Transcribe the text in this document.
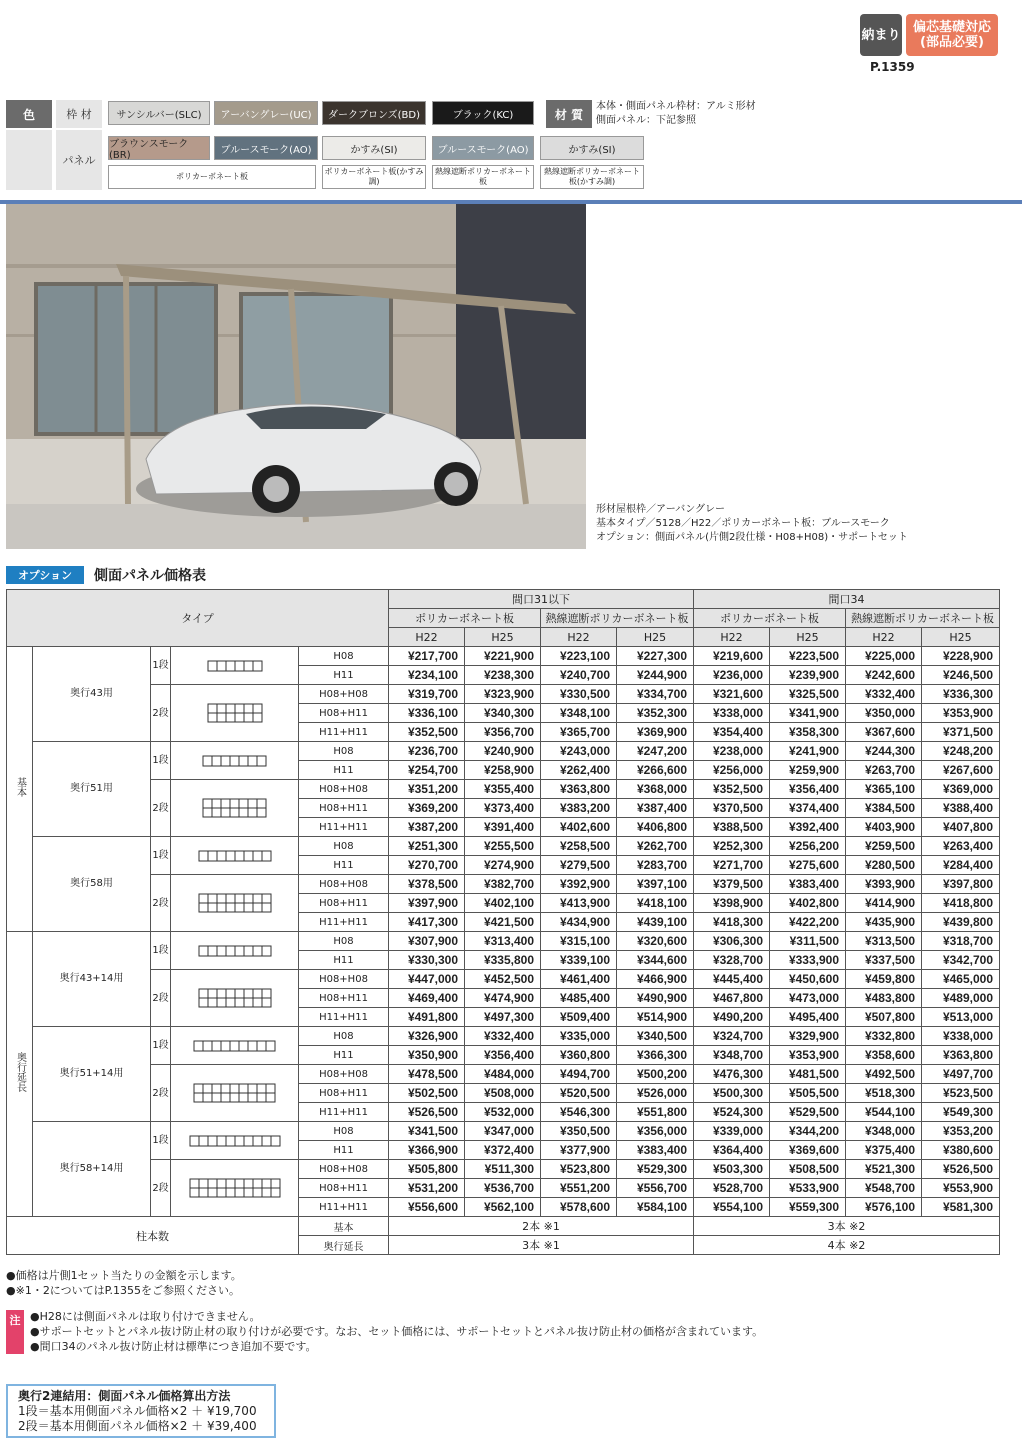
納まり 偏芯基礎対応(部品必要)
P.1359
色	枠 材
パネル
サンシルバー(SLC)	アーバングレー(UC)	ダークブロンズ(BD)	ブラック(KC)
ブラウンスモーク(BR)	ブルースモーク(AO)	かすみ(SI)	ブルースモーク(AO)	かすみ(SI)
材 質
本体・側面パネル枠材：アルミ形材
側面パネル：下記参照
ポリカーボネート板
ポリカーボネート板(かすみ調)
熱線遮断ポリカーボネート板
熱線遮断ポリカーボネート板(かすみ調)
形材屋根枠／アーバングレー
基本タイプ／5128／H22／ポリカーボネート板：ブルースモーク
オプション：側面パネル(片側2段仕様・H08+H08)・サポートセット
オプション	側面パネル価格表
タイプ					間口31以下				間口34			
					ポリカーボネート板		熱線遮断ポリカーボネート板		ポリカーボネート板		熱線遮断ポリカーボネート板	
					H22	H25	H22	H25	H22	H25	H22	H25
基本	奥行43用	1段		H08	¥217,700	¥221,900	¥223,100	¥227,300	¥219,600	¥223,500	¥225,000	¥228,900
				H11	¥234,100	¥238,300	¥240,700	¥244,900	¥236,000	¥239,900	¥242,600	¥246,500
		2段		H08+H08	¥319,700	¥323,900	¥330,500	¥334,700	¥321,600	¥325,500	¥332,400	¥336,300
				H08+H11	¥336,100	¥340,300	¥348,100	¥352,300	¥338,000	¥341,900	¥350,000	¥353,900
				H11+H11	¥352,500	¥356,700	¥365,700	¥369,900	¥354,400	¥358,300	¥367,600	¥371,500
	奥行51用	1段		H08	¥236,700	¥240,900	¥243,000	¥247,200	¥238,000	¥241,900	¥244,300	¥248,200
				H11	¥254,700	¥258,900	¥262,400	¥266,600	¥256,000	¥259,900	¥263,700	¥267,600
		2段		H08+H08	¥351,200	¥355,400	¥363,800	¥368,000	¥352,500	¥356,400	¥365,100	¥369,000
				H08+H11	¥369,200	¥373,400	¥383,200	¥387,400	¥370,500	¥374,400	¥384,500	¥388,400
				H11+H11	¥387,200	¥391,400	¥402,600	¥406,800	¥388,500	¥392,400	¥403,900	¥407,800
	奥行58用	1段		H08	¥251,300	¥255,500	¥258,500	¥262,700	¥252,300	¥256,200	¥259,500	¥263,400
				H11	¥270,700	¥274,900	¥279,500	¥283,700	¥271,700	¥275,600	¥280,500	¥284,400
		2段		H08+H08	¥378,500	¥382,700	¥392,900	¥397,100	¥379,500	¥383,400	¥393,900	¥397,800
				H08+H11	¥397,900	¥402,100	¥413,900	¥418,100	¥398,900	¥402,800	¥414,900	¥418,800
				H11+H11	¥417,300	¥421,500	¥434,900	¥439,100	¥418,300	¥422,200	¥435,900	¥439,800
奥行延長	奥行43+14用	1段		H08	¥307,900	¥313,400	¥315,100	¥320,600	¥306,300	¥311,500	¥313,500	¥318,700
				H11	¥330,300	¥335,800	¥339,100	¥344,600	¥328,700	¥333,900	¥337,500	¥342,700
		2段		H08+H08	¥447,000	¥452,500	¥461,400	¥466,900	¥445,400	¥450,600	¥459,800	¥465,000
				H08+H11	¥469,400	¥474,900	¥485,400	¥490,900	¥467,800	¥473,000	¥483,800	¥489,000
				H11+H11	¥491,800	¥497,300	¥509,400	¥514,900	¥490,200	¥495,400	¥507,800	¥513,000
	奥行51+14用	1段		H08	¥326,900	¥332,400	¥335,000	¥340,500	¥324,700	¥329,900	¥332,800	¥338,000
				H11	¥350,900	¥356,400	¥360,800	¥366,300	¥348,700	¥353,900	¥358,600	¥363,800
		2段		H08+H08	¥478,500	¥484,000	¥494,700	¥500,200	¥476,300	¥481,500	¥492,500	¥497,700
				H08+H11	¥502,500	¥508,000	¥520,500	¥526,000	¥500,300	¥505,500	¥518,300	¥523,500
				H11+H11	¥526,500	¥532,000	¥546,300	¥551,800	¥524,300	¥529,500	¥544,100	¥549,300
	奥行58+14用	1段		H08	¥341,500	¥347,000	¥350,500	¥356,000	¥339,000	¥344,200	¥348,000	¥353,200
				H11	¥366,900	¥372,400	¥377,900	¥383,400	¥364,400	¥369,600	¥375,400	¥380,600
		2段		H08+H08	¥505,800	¥511,300	¥523,800	¥529,300	¥503,300	¥508,500	¥521,300	¥526,500
				H08+H11	¥531,200	¥536,700	¥551,200	¥556,700	¥528,700	¥533,900	¥548,700	¥553,900
				H11+H11	¥556,600	¥562,100	¥578,600	¥584,100	¥554,100	¥559,300	¥576,100	¥581,300
柱本数				基本	2本 ※1				3本 ※2			
				奥行延長	3本 ※1				4本 ※2			
●価格は片側1セット当たりの金額を示します。
●※1・2についてはP.1355をご参照ください。
注 ●H28には側面パネルは取り付けできません。
●サポートセットとパネル抜け防止材の取り付けが必要です。なお、セット価格には、サポートセットとパネル抜け防止材の価格が含まれています。
●間口34のパネル抜け防止材は標準につき追加不要です。
奥行2連結用：側面パネル価格算出方法
1段＝基本用側面パネル価格×2 ＋ ¥19,700
2段＝基本用側面パネル価格×2 ＋ ¥39,400
